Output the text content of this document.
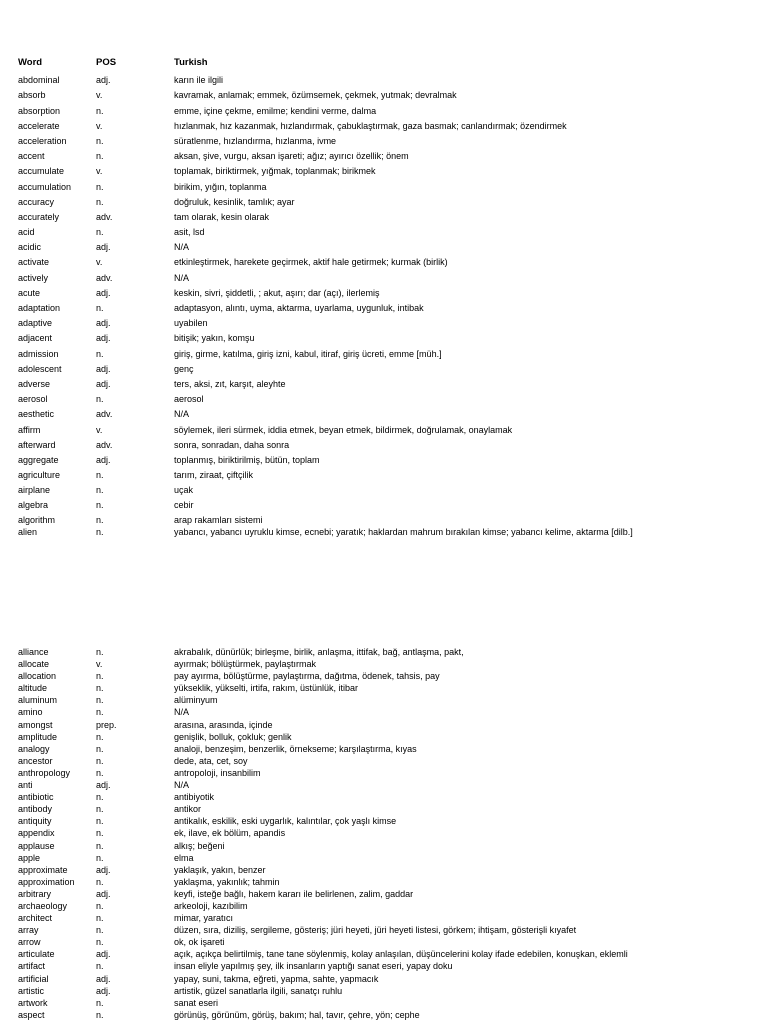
Word	POS	Turkish
abdominal	adj.	karın ile ilgili
absorb	v.	kavramak, anlamak; emmek, özümsemek, çekmek, yutmak; devralmak
absorption	n.	emme, içine çekme, emilme; kendini verme, dalma
accelerate	v.	hızlanmak, hız kazanmak, hızlandırmak, çabuklaştırmak, gaza basmak; canlandırmak; özendirmek
acceleration	n.	süratlenme, hızlandırma, hızlanma, ivme
accent	n.	aksan, şive, vurgu, aksan işareti; ağız; ayırıcı özellik; önem
accumulate	v.	toplamak, biriktirmek, yığmak, toplanmak; birikmek
accumulation	n.	birikim, yığın, toplanma
accuracy	n.	doğruluk, kesinlik, tamlık; ayar
accurately	adv.	tam olarak, kesin olarak
acid	n.	asit, lsd
acidic	adj.	N/A
activate	v.	etkinleştirmek, harekete geçirmek, aktif hale getirmek; kurmak (birlik)
actively	adv.	N/A
acute	adj.	keskin, sivri, şiddetli, ; akut, aşırı; dar (açı), ilerlemiş
adaptation	n.	adaptasyon, alıntı, uyma, aktarma, uyarlama, uygunluk, intibak
adaptive	adj.	uyabilen
adjacent	adj.	bitişik; yakın, komşu
admission	n.	giriş, girme, katılma, giriş izni, kabul, itiraf, giriş ücreti, emme [müh.]
adolescent	adj.	genç
adverse	adj.	ters, aksi, zıt, karşıt, aleyhte
aerosol	n.	aerosol
aesthetic	adv.	N/A
affirm	v.	söylemek, ileri sürmek, iddia etmek, beyan etmek, bildirmek, doğrulamak, onaylamak
afterward	adv.	sonra, sonradan, daha sonra
aggregate	adj.	toplanmış, biriktirilmiş, bütün, toplam
agriculture	n.	tarım, ziraat, çiftçilik
airplane	n.	uçak
algebra	n.	cebir
algorithm	n.	arap rakamları sistemi
alien	n.	yabancı, yabancı uyruklu kimse, ecnebi; yaratık; haklardan mahrum bırakılan kimse; yabancı kelime, aktarma [dilb.]
alliance	n.	akrabalık, dünürlük; birleşme, birlik, anlaşma, ittifak, bağ, antlaşma, pakt,
allocate	v.	ayırmak; bölüştürmek, paylaştırmak
allocation	n.	pay ayırma, bölüştürme, paylaştırma, dağıtma, ödenek, tahsis, pay
altitude	n.	yükseklik, yükselti, irtifa, rakım, üstünlük, itibar
aluminum	n.	alüminyum
amino	n.	N/A
amongst	prep.	arasına, arasında, içinde
amplitude	n.	genişlik, bolluk, çokluk; genlik
analogy	n.	analoji, benzeşim, benzerlik, örnekseme; karşılaştırma, kıyas
ancestor	n.	dede, ata, cet, soy
anthropology	n.	antropoloji, insanbilim
anti	adj.	N/A
antibiotic	n.	antibiyotik
antibody	n.	antikor
antiquity	n.	antikalık, eskilik, eski uygarlık, kalıntılar, çok yaşlı kimse
appendix	n.	ek, ilave, ek bölüm, apandis
applause	n.	alkış; beğeni
apple	n.	elma
approximate	adj.	yaklaşık, yakın, benzer
approximation	n.	yaklaşma, yakınlık; tahmin
arbitrary	adj.	keyfi, isteğe bağlı, hakem kararı ile belirlenen, zalim, gaddar
archaeology	n.	arkeoloji, kazıbilim
architect	n.	mimar, yaratıcı
array	n.	düzen, sıra, diziliş, sergileme, gösteriş; jüri heyeti, jüri heyeti listesi, görkem; ihtişam, gösterişli kıyafet
arrow	n.	ok, ok işareti
articulate	adj.	açık, açıkça belirtilmiş, tane tane söylenmiş, kolay anlaşılan, düşüncelerini kolay ifade edebilen, konuşkan, eklemli
artifact	n.	insan eliyle yapılmış şey, ilk insanların yaptığı sanat eseri, yapay doku
artificial	adj.	yapay, suni, takma, eğreti, yapma, sahte, yapmacık
artistic	adj.	artistik, güzel sanatlarla ilgili, sanatçı ruhlu
artwork	n.	sanat eseri
aspect	n.	görünüş, görünüm, görüş, bakım; hal, tavır, çehre, yön; cephe
